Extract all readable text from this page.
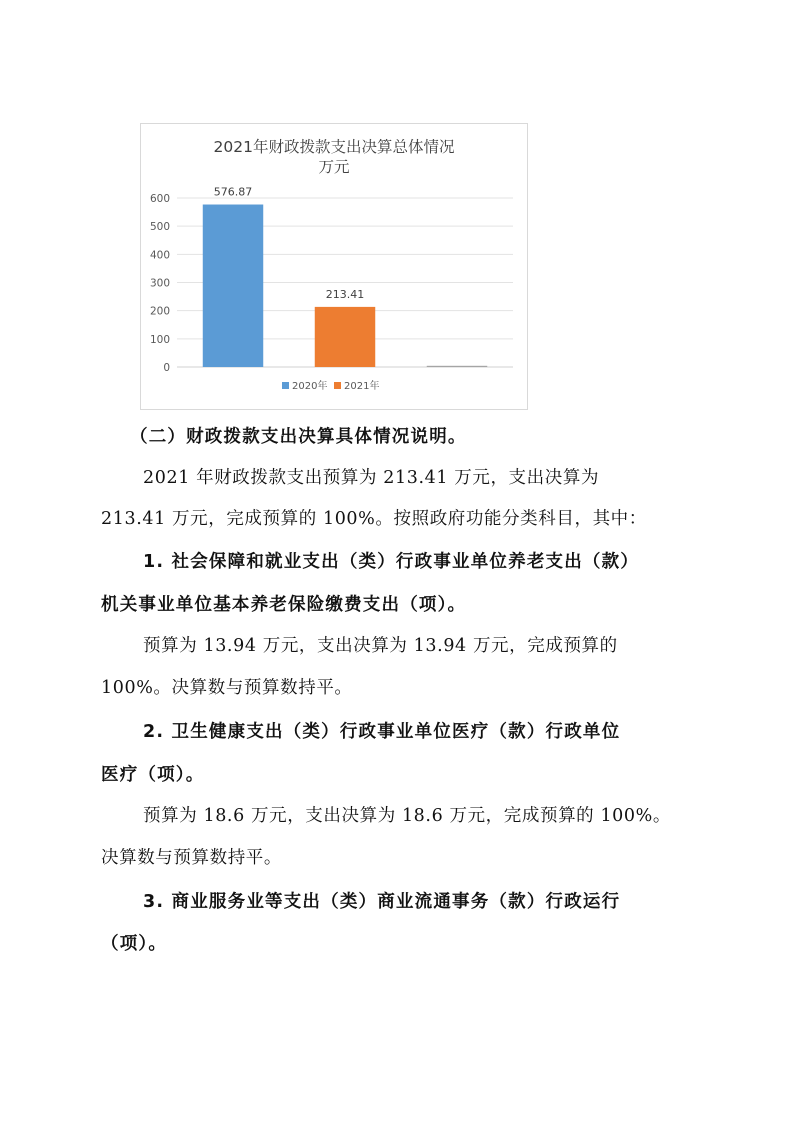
2021年财政拨款支出决算总体情况
万元
0
100
200
300
400
500
600
576.87
213.41
2020年 2021年
（二）财政拨款支出决算具体情况说明。
2021 年财政拨款支出预算为 213.41 万元，支出决算为
213.41 万元，完成预算的 100%。按照政府功能分类科目，其中：
1. 社会保障和就业支出（类）行政事业单位养老支出（款）
机关事业单位基本养老保险缴费支出（项）。
预算为 13.94 万元，支出决算为 13.94 万元，完成预算的
100%。决算数与预算数持平。
2. 卫生健康支出（类）行政事业单位医疗（款）行政单位
医疗（项）。
预算为 18.6 万元，支出决算为 18.6 万元，完成预算的 100%。
决算数与预算数持平。
3. 商业服务业等支出（类）商业流通事务（款）行政运行
（项）。
